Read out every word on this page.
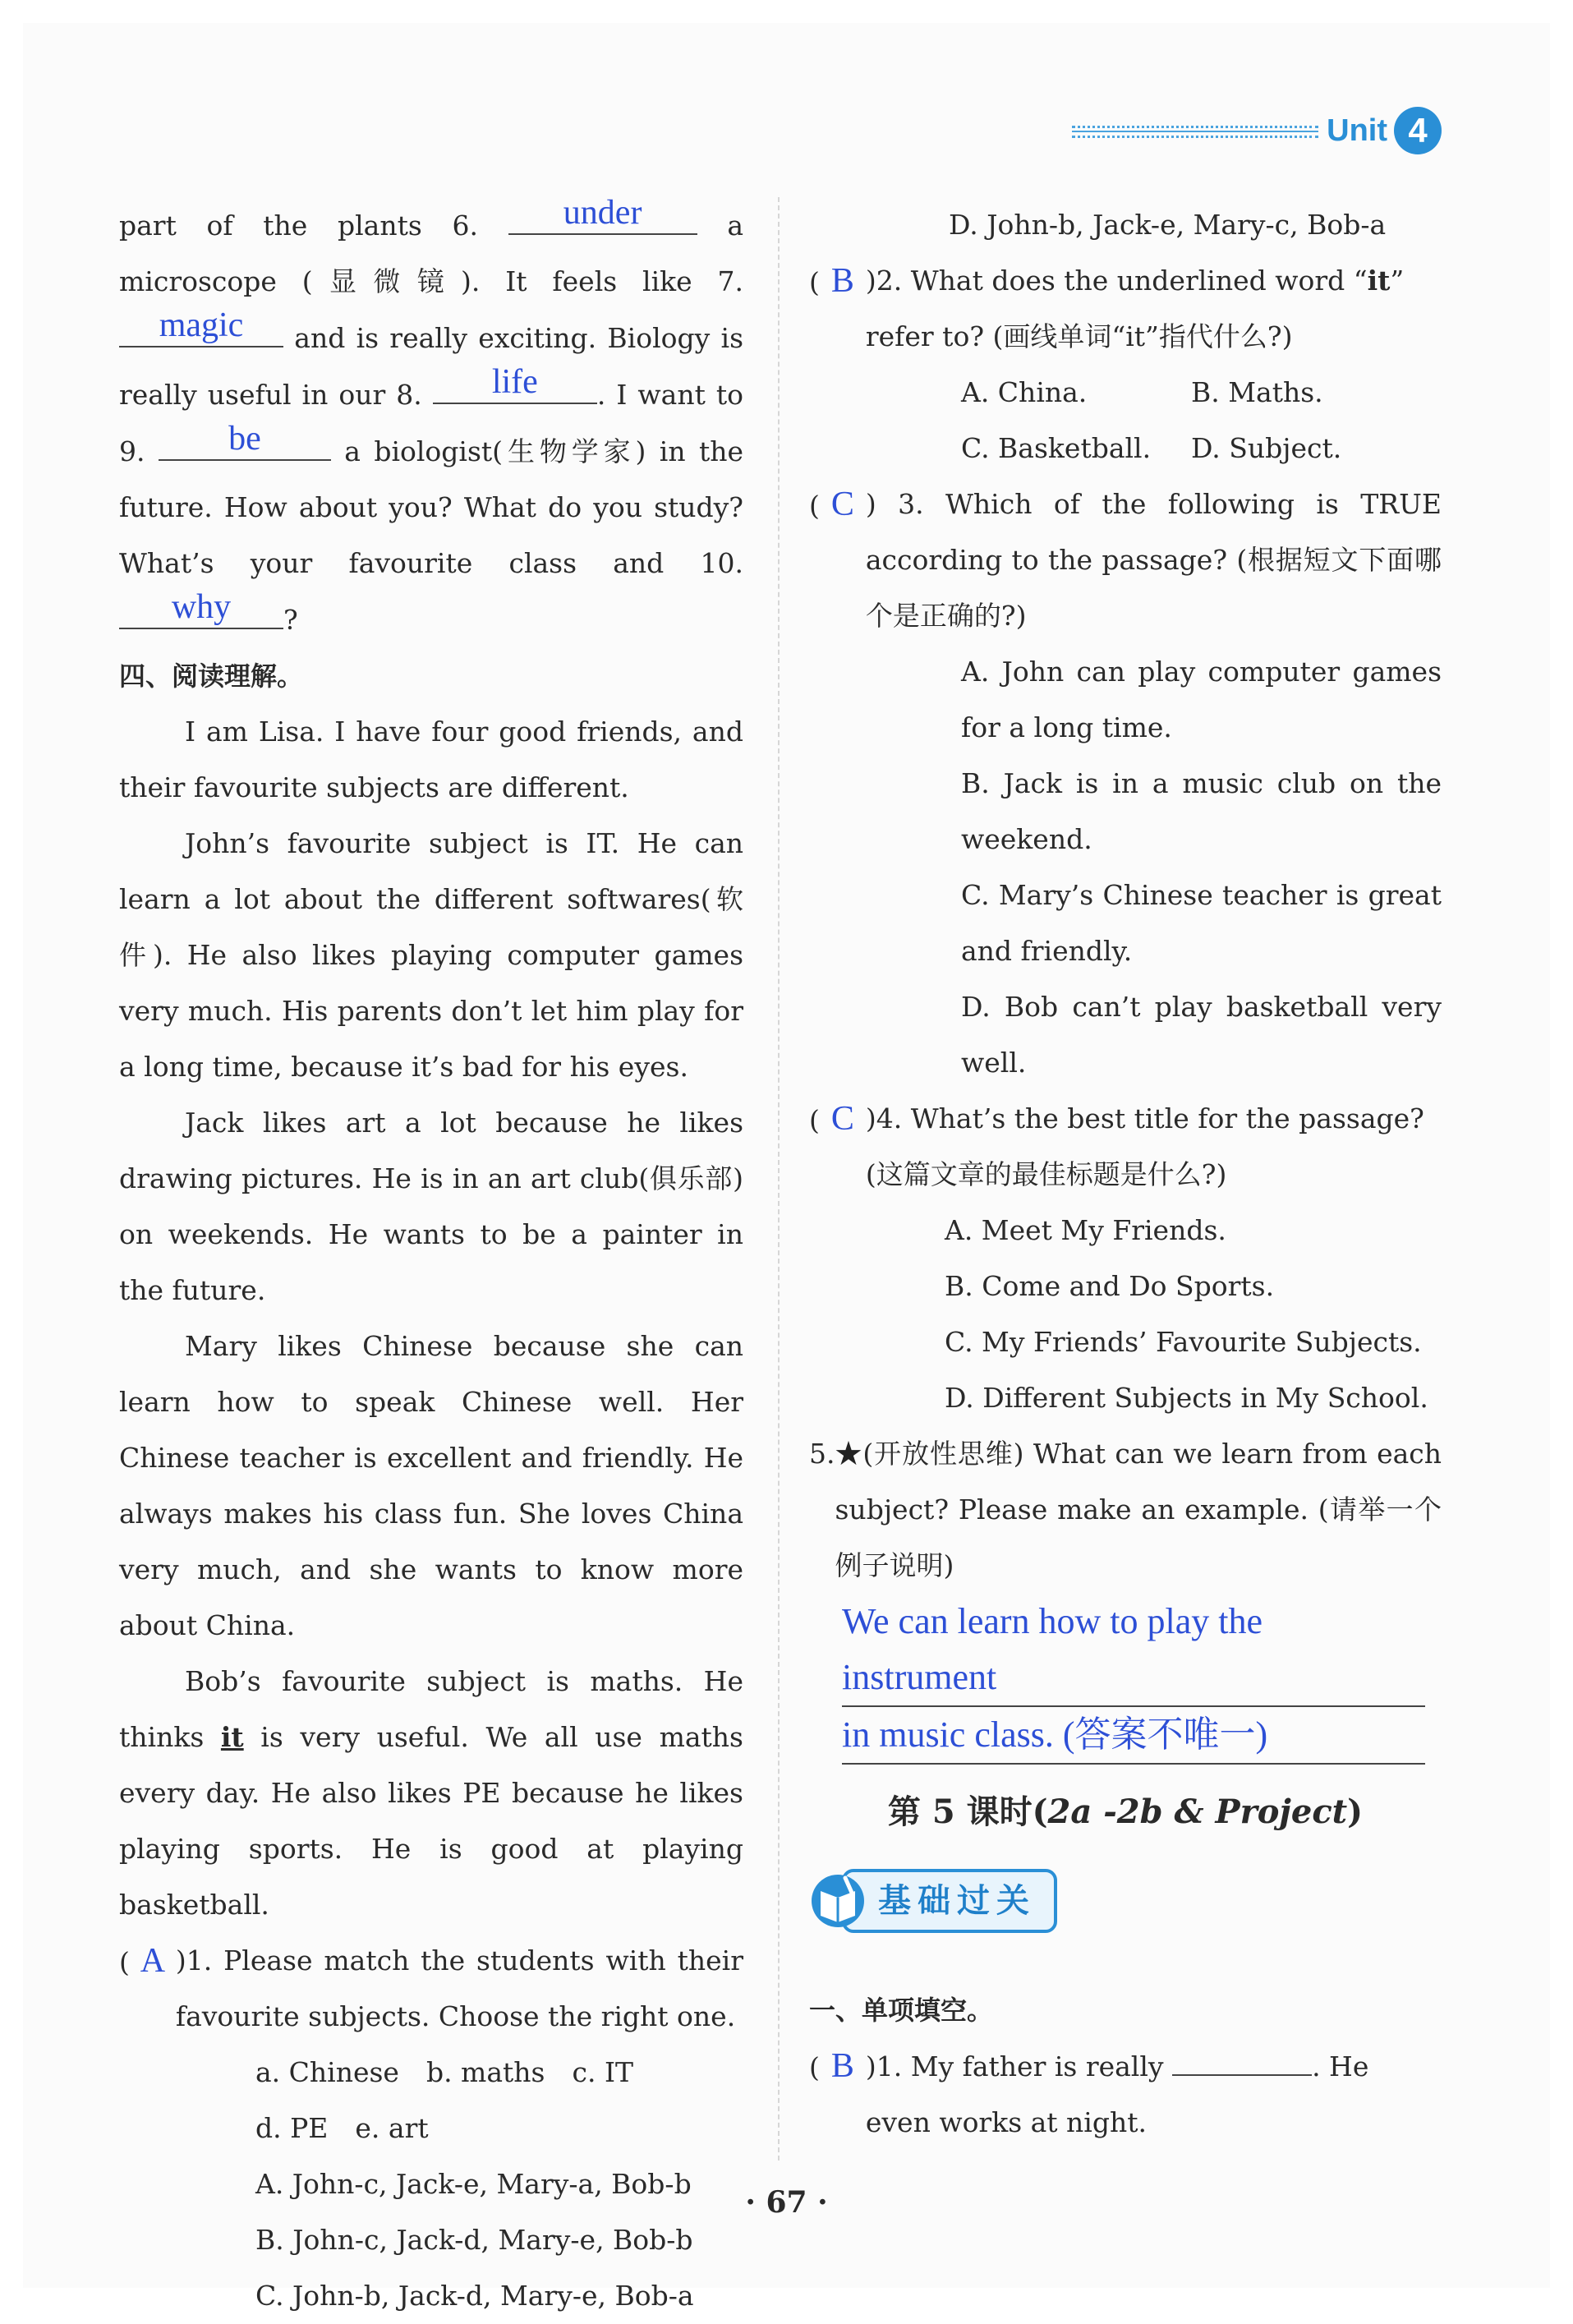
Unit 4

part of the plants 6.	under	a microscope (显微镜). It feels like 7.
magic	and is really exciting. Biology is really useful in our 8.	life	. I want to 9.	be	a biologist(生物学家) in the future. How about you? What do you study? What’s your favourite class and 10.
why	?

四、阅读理解。

I am Lisa. I have four good friends, and their favourite subjects are different.

John’s favourite subject is IT. He can learn a lot about the different softwares(软件). He also likes playing computer games very much. His parents don’t let him play for a long time, because it’s bad for his eyes.

Jack likes art a lot because he likes drawing pictures. He is in an art club(俱乐部) on weekends. He wants to be a painter in the future.

Mary likes Chinese because she can learn how to speak Chinese well. Her Chinese teacher is excellent and friendly. He always makes his class fun. She loves China very much, and she wants to know more about China.

Bob’s favourite subject is maths. He thinks it is very useful. We all use maths every day. He also likes PE because he likes playing sports. He is good at playing basketball.

( A )1. Please match the students with their favourite subjects. Choose the right one.

a. Chinese　b. maths　c. IT

d. PE　e. art

A. John-c, Jack-e, Mary-a, Bob-b

B. John-c, Jack-d, Mary-e, Bob-b

C. John-b, Jack-d, Mary-e, Bob-a

D. John-b, Jack-e, Mary-c, Bob-a

( B )2. What does the underlined word “it” refer to? (画线单词“it”指代什么?)
A. China.	B. Maths.
C. Basketball.	D. Subject.
( C ) 3. Which of the following is TRUE according to the passage? (根据短文下面哪个是正确的?)

A. John can play computer games for a long time.

B. Jack is in a music club on the weekend.

C. Mary’s Chinese teacher is great and friendly.

D. Bob can’t play basketball very well.

( C )4. What’s the best title for the passage? (这篇文章的最佳标题是什么?)

A. Meet My Friends.

B. Come and Do Sports.

C. My Friends’ Favourite Subjects.

D. Different Subjects in My School.

5. ★(开放性思维) What can we learn from each subject? Please make an example. (请举一个例子说明)
We can learn how to play the instrument
in music class. (答案不唯一)

第 5 课时(2a -2b & Project)

基础过关

一、单项填空。

( B )1. My father is really	. He even works at night.
· 67 ·
